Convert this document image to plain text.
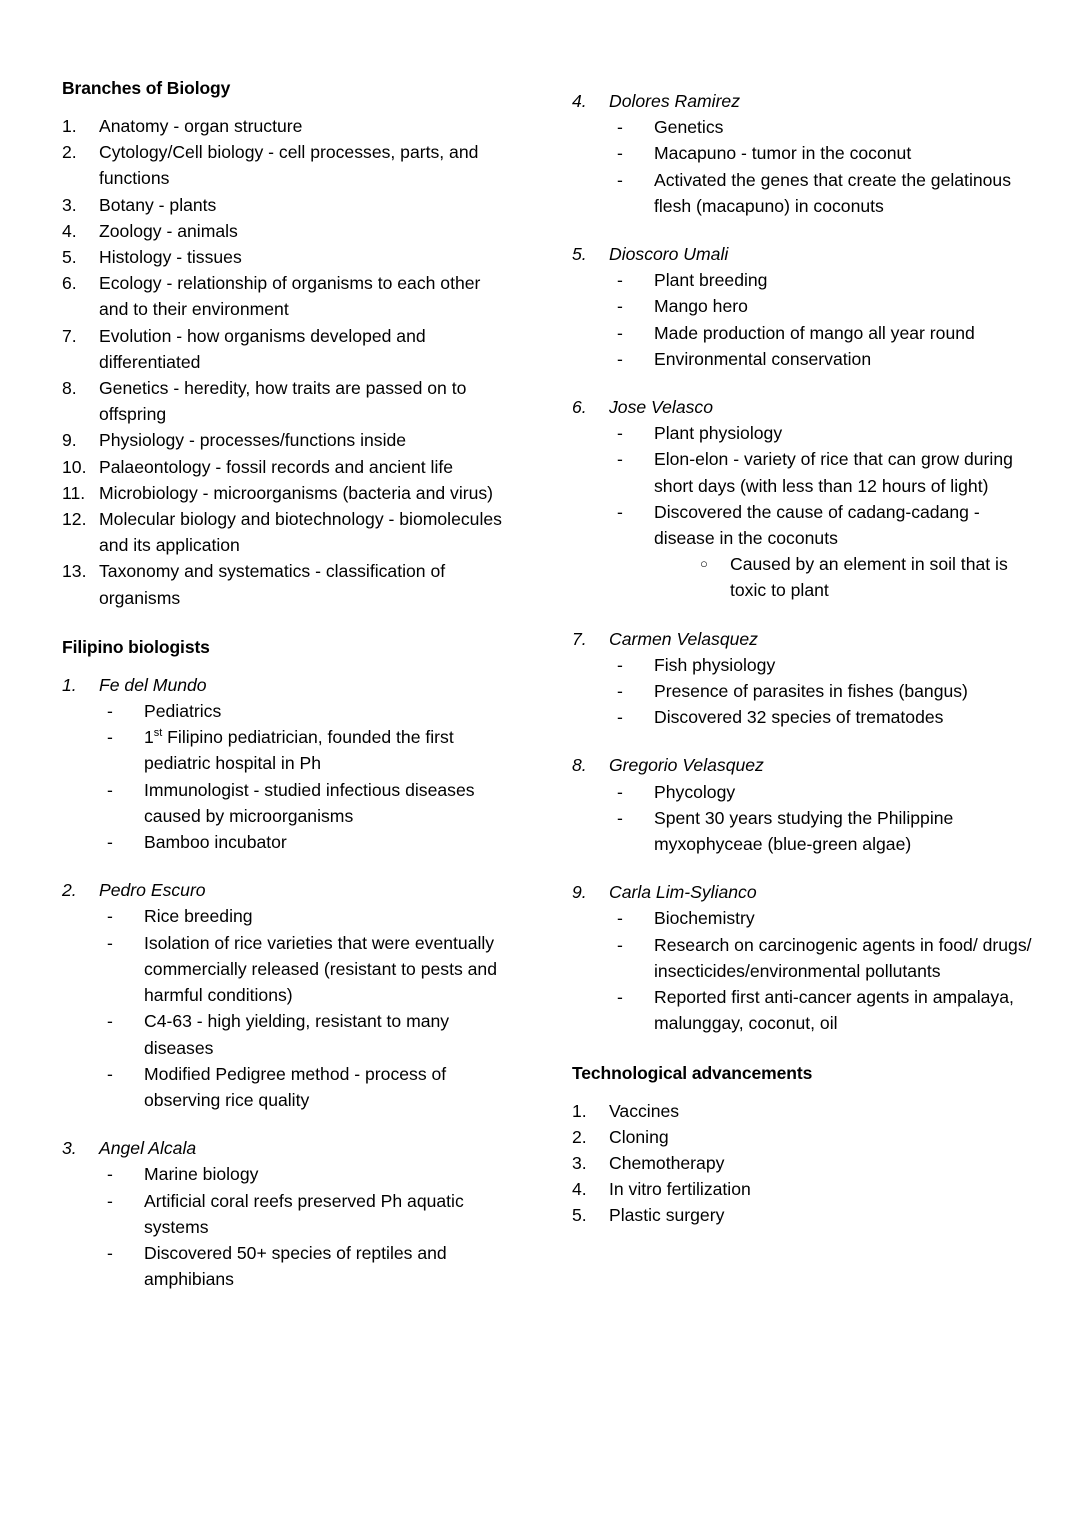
Branches of Biology
1.	Anatomy - organ structure
2.	Cytology/Cell biology - cell processes, parts, and functions
3.	Botany - plants
4.	Zoology - animals
5.	Histology - tissues
6.	Ecology - relationship of organisms to each other and to their environment
7.	Evolution - how organisms developed and differentiated
8.	Genetics - heredity, how traits are passed on to offspring
9.	Physiology - processes/functions inside
10. Palaeontology - fossil records and ancient life
11. Microbiology - microorganisms (bacteria and virus)
12. Molecular biology and biotechnology - biomolecules and its application
13. Taxonomy and systematics - classification of organisms
Filipino biologists
1.	Fe del Mundo
-	Pediatrics
-	1st Filipino pediatrician, founded the first pediatric hospital in Ph
-	Immunologist - studied infectious diseases caused by microorganisms
-	Bamboo incubator
2.	Pedro Escuro
-	Rice breeding
-	Isolation of rice varieties that were eventually commercially released (resistant to pests and harmful conditions)
-	C4-63 - high yielding, resistant to many diseases
-	Modified Pedigree method - process of observing rice quality
3.	Angel Alcala
-	Marine biology
-	Artificial coral reefs preserved Ph aquatic systems
-	Discovered 50+ species of reptiles and amphibians
4.	Dolores Ramirez
-	Genetics
-	Macapuno - tumor in the coconut
-	Activated the genes that create the gelatinous flesh (macapuno) in coconuts
5.	Dioscoro Umali
-	Plant breeding
-	Mango hero
-	Made production of mango all year round
-	Environmental conservation
6.	Jose Velasco
-	Plant physiology
-	Elon-elon - variety of rice that can grow during short days (with less than 12 hours of light)
-	Discovered the cause of cadang-cadang - disease in the coconuts
○	Caused by an element in soil that is toxic to plant
7.	Carmen Velasquez
-	Fish physiology
-	Presence of parasites in fishes (bangus)
-	Discovered 32 species of trematodes
8.	Gregorio Velasquez
-	Phycology
-	Spent 30 years studying the Philippine myxophyceae (blue-green algae)
9.	Carla Lim-Sylianco
-	Biochemistry
-	Research on carcinogenic agents in food/ drugs/ insecticides/environmental pollutants
-	Reported first anti-cancer agents in ampalaya, malunggay, coconut, oil
Technological advancements
1.	Vaccines
2.	Cloning
3.	Chemotherapy
4.	In vitro fertilization
5.	Plastic surgery
